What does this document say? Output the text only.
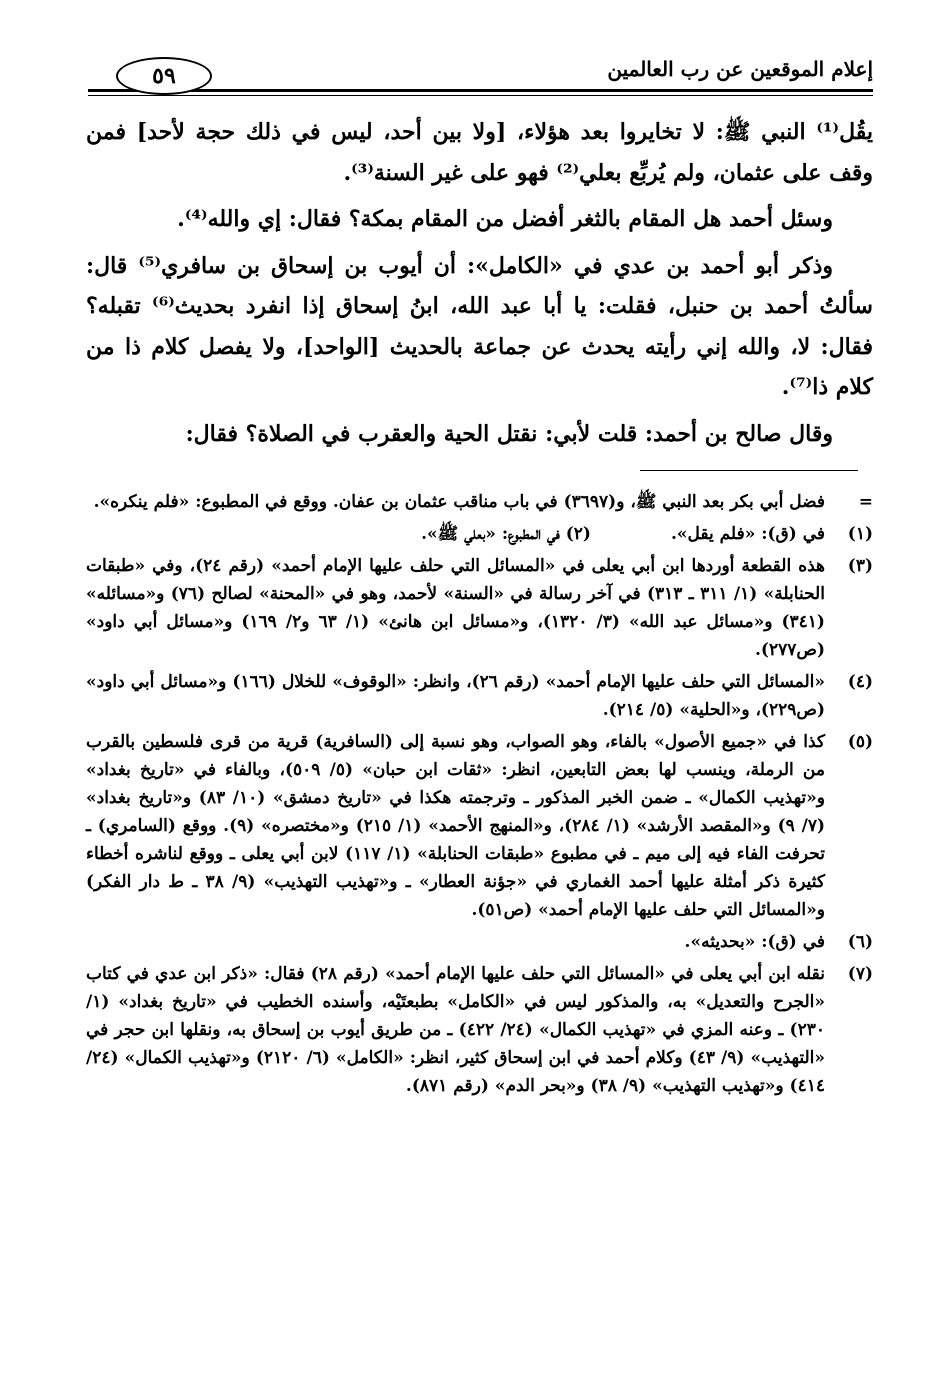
إعلام الموقعين عن رب العالمين
٥٩

يقُل⁽¹⁾ النبي ﷺ: لا تخايروا بعد هؤلاء، [ولا بين أحد، ليس في ذلك حجة لأحد] فمن وقف على عثمان، ولم يُربِّع بعلي⁽²⁾ فهو على غير السنة⁽³⁾.

وسئل أحمد هل المقام بالثغر أفضل من المقام بمكة؟ فقال: إي والله⁽⁴⁾.

وذكر أبو أحمد بن عدي في «الكامل»: أن أيوب بن إسحاق بن سافري⁽⁵⁾ قال: سألتُ أحمد بن حنبل، فقلت: يا أبا عبد الله، ابنُ إسحاق إذا انفرد بحديث⁽⁶⁾ تقبله؟ فقال: لا، والله إني رأيته يحدث عن جماعة بالحديث [الواحد]، ولا يفصل كلام ذا من كلام ذا⁽⁷⁾.

وقال صالح بن أحمد: قلت لأبي: نقتل الحية والعقرب في الصلاة؟ فقال:

=
فضل أبي بكر بعد النبي ﷺ، و(٣٦٩٧) في باب مناقب عثمان بن عفان. ووقع في المطبوع: «فلم ينكره».
(١)
في (ق): «فلم يقل».
(٢) في المطبوع: «بعلي ﷺ».
(٣)
هذه القطعة أوردها ابن أبي يعلى في «المسائل التي حلف عليها الإمام أحمد» (رقم ٢٤)، وفي «طبقات الحنابلة» (١/ ٣١١ ـ ٣١٣) في آخر رسالة في «السنة» لأحمد، وهو في «المحنة» لصالح (٧٦) و«مسائله» (٣٤١) و«مسائل عبد الله» (٣/ ١٣٢٠)، و«مسائل ابن هانئ» (١/ ٦٣ و٢/ ١٦٩) و«مسائل أبي داود» (ص٢٧٧).
(٤)
«المسائل التي حلف عليها الإمام أحمد» (رقم ٢٦)، وانظر: «الوقوف» للخلال (١٦٦) و«مسائل أبي داود» (ص٢٢٩)، و«الحلية» (٥/ ٢١٤).
(٥)
كذا في «جميع الأصول» بالفاء، وهو الصواب، وهو نسبة إلى (السافرية) قرية من قرى فلسطين بالقرب من الرملة، وينسب لها بعض التابعين، انظر: «ثقات ابن حبان» (٥/ ٥٠٩)، وبالفاء في «تاريخ بغداد» و«تهذيب الكمال» ـ ضمن الخبر المذكور ـ وترجمته هكذا في «تاريخ دمشق» (١٠/ ٨٣) و«تاريخ بغداد» (٧/ ٩) و«المقصد الأرشد» (١/ ٢٨٤)، و«المنهج الأحمد» (١/ ٢١٥) و«مختصره» (٩). ووقع (السامري) ـ تحرفت الفاء فيه إلى ميم ـ في مطبوع «طبقات الحنابلة» (١/ ١١٧) لابن أبي يعلى ـ ووقع لناشره أخطاء كثيرة ذكر أمثلة عليها أحمد الغماري في «جؤنة العطار» ـ و«تهذيب التهذيب» (٩/ ٣٨ ـ ط دار الفكر) و«المسائل التي حلف عليها الإمام أحمد» (ص٥١).
(٦)
في (ق): «بحديثه».
(٧)
نقله ابن أبي يعلى في «المسائل التي حلف عليها الإمام أحمد» (رقم ٢٨) فقال: «ذكر ابن عدي في كتاب «الجرح والتعديل» به، والمذكور ليس في «الكامل» بطبعتَيْه، وأسنده الخطيب في «تاريخ بغداد» (١/ ٢٣٠) ـ وعنه المزي في «تهذيب الكمال» (٢٤/ ٤٢٢) ـ من طريق أيوب بن إسحاق به، ونقلها ابن حجر في «التهذيب» (٩/ ٤٣) وكلام أحمد في ابن إسحاق كثير، انظر: «الكامل» (٦/ ٢١٢٠) و«تهذيب الكمال» (٢٤/ ٤١٤) و«تهذيب التهذيب» (٩/ ٣٨) و«بحر الدم» (رقم ٨٧١).
